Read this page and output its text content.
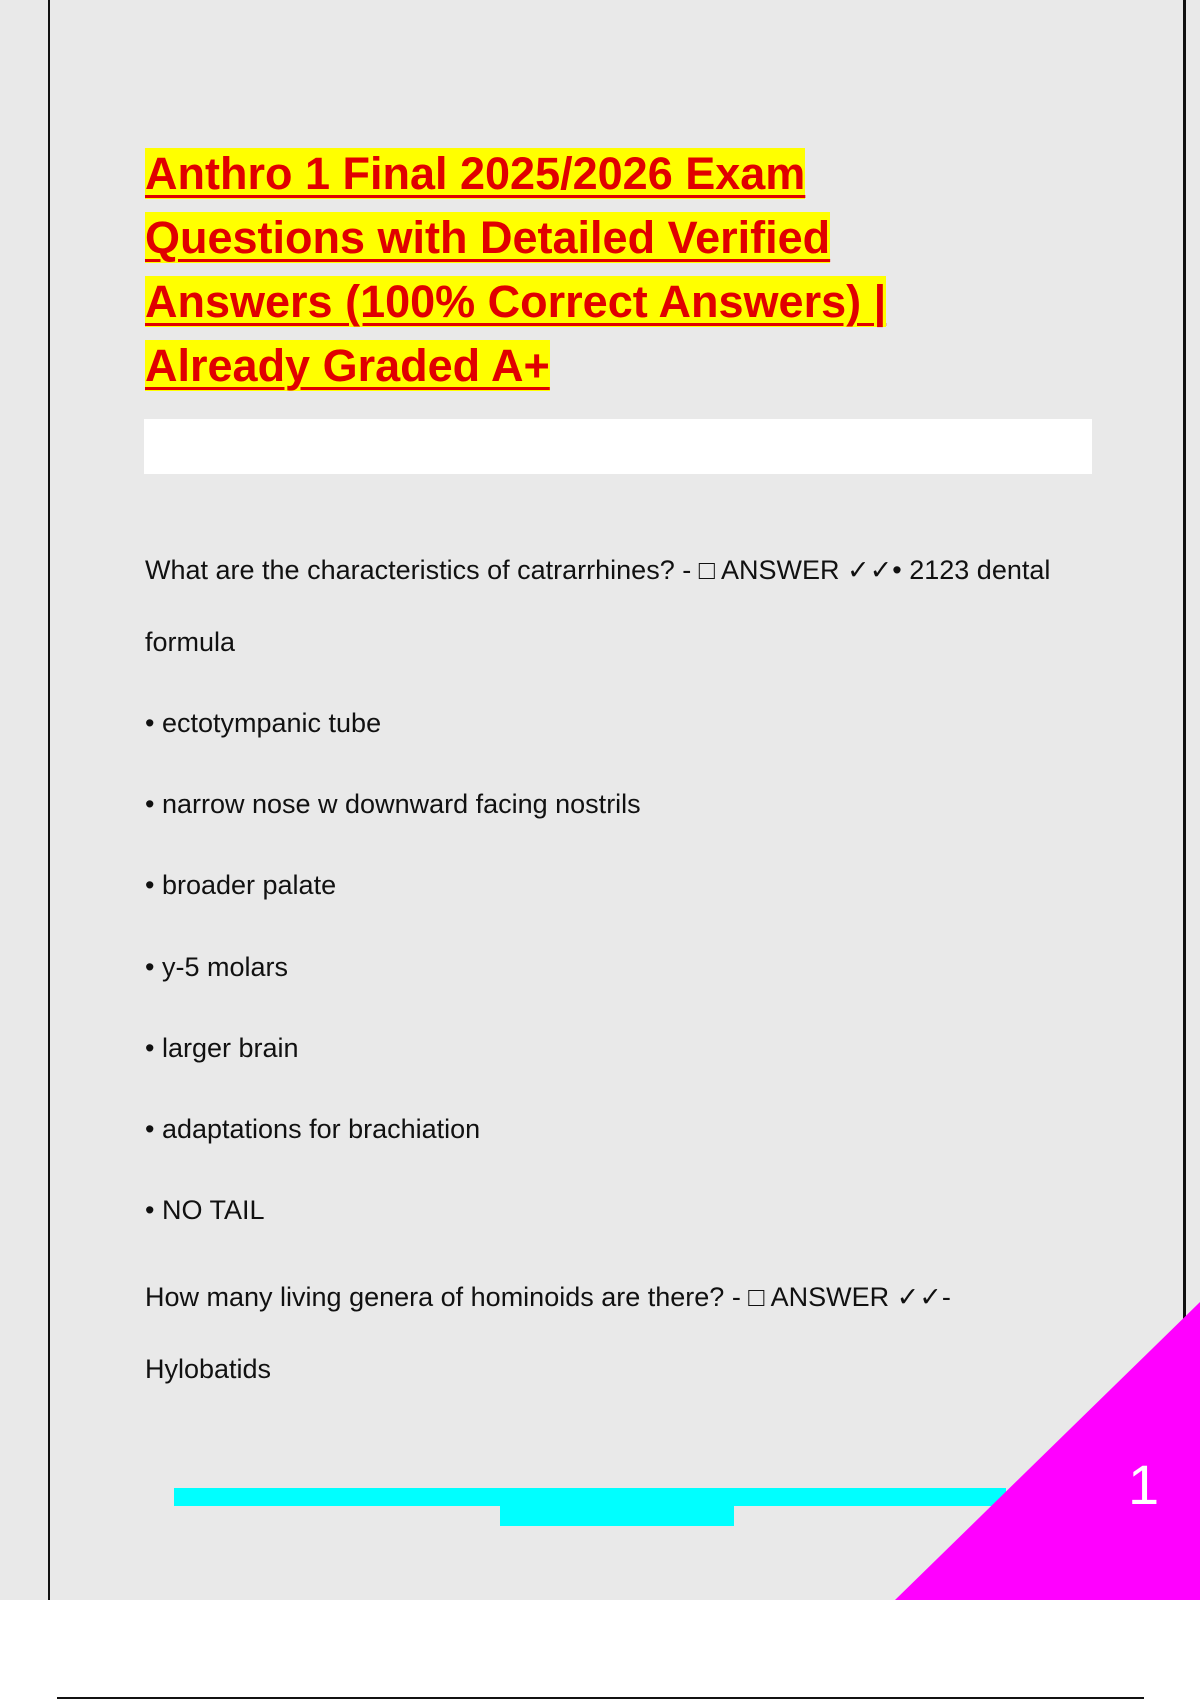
Anthro 1 Final 2025/2026 Exam
Questions with Detailed Verified
Answers (100% Correct Answers) |
Already Graded A+
What are the characteristics of catrarrhines? - □ ANSWER ✓✓• 2123 dental
formula
• ectotympanic tube
• narrow nose w downward facing nostrils
• broader palate
• y-5 molars
• larger brain
• adaptations for brachiation
• NO TAIL
How many living genera of hominoids are there? - □ ANSWER ✓✓-
Hylobatids
1
